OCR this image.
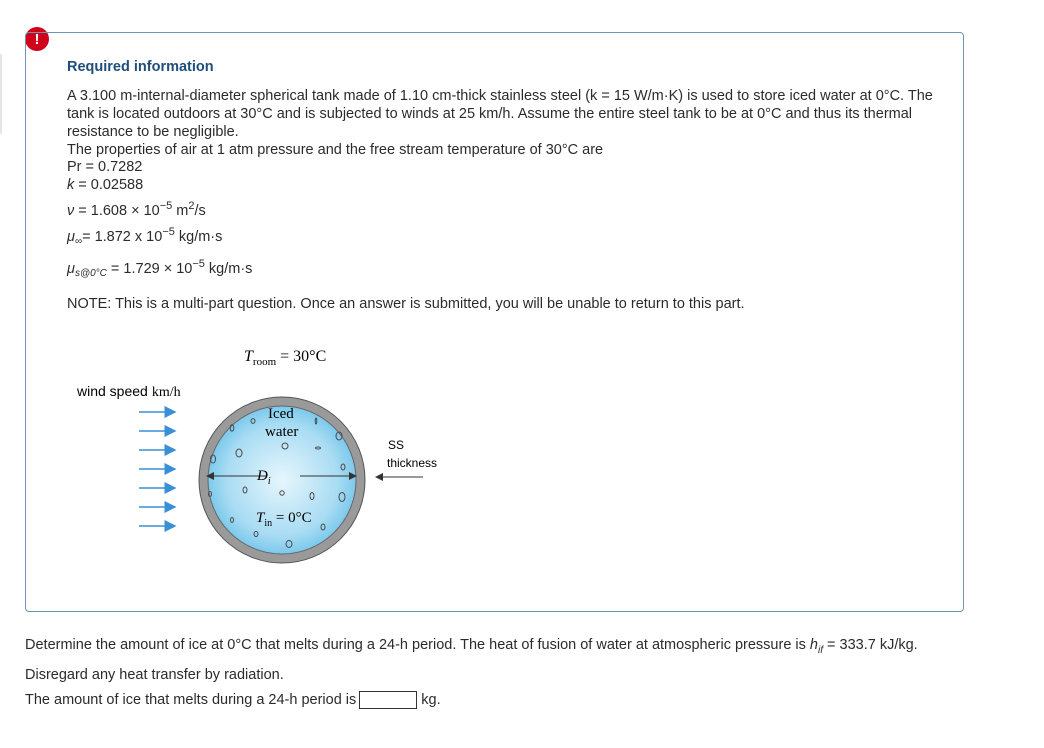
!
Required information
A 3.100 m-internal-diameter spherical tank made of 1.10 cm-thick stainless steel (k = 15 W/m·K) is used to store iced water at 0°C. The tank is located outdoors at 30°C and is subjected to winds at 25 km/h. Assume the entire steel tank to be at 0°C and thus its thermal resistance to be negligible.
The properties of air at 1 atm pressure and the free stream temperature of 30°C are
Pr = 0.7282
k = 0.02588
$\nu = 1.608 \times 10^{-5}$ $m^2/s$
$\mu_\infty= 1.872$ x $10^{-5}$ kg/m·s
$\mu_{s@0^\circ C} = 1.729 \times 10^{-5}$ kg/m·s
NOTE: This is a multi-part question. Once an answer is submitted, you will be unable to return to this part.
$T_{room} = 30^\circ C$
wind speed km/h
Iced
water
$D_i$
$T_{in} = 0^\circ C$
SS
thickness
Determine the amount of ice at 0°C that melts during a 24-h period. The heat of fusion of water at atmospheric pressure is $h_{if} = 333.7$ kJ/kg. Disregard any heat transfer by radiation.
The amount of ice that melts during a 24-h period is	kg.
